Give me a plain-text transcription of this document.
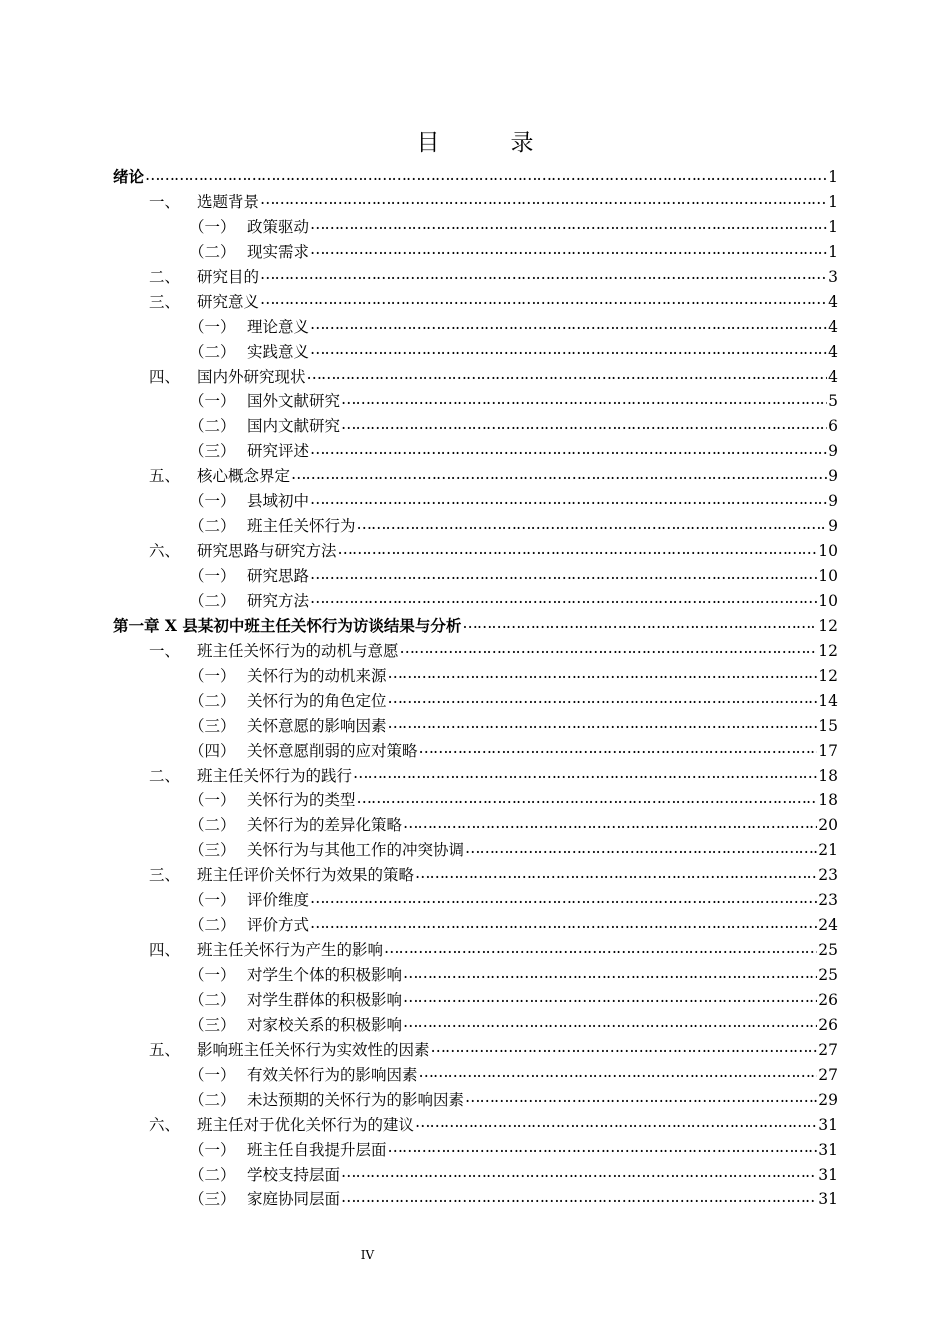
目　录
绪论 ……………………………………………………………………………………………………………………………………………………………………………………………………………………………………………………	1
一、	选题背景 ……………………………………………………………………………………………………………………………………………………………………………………………………………………………………………………	1
（一） 政策驱动 ……………………………………………………………………………………………………………………………………………………………………………………………………………………………………………………	1
（二） 现实需求 ……………………………………………………………………………………………………………………………………………………………………………………………………………………………………………………	1
二、	研究目的 ……………………………………………………………………………………………………………………………………………………………………………………………………………………………………………………	3
三、	研究意义 ……………………………………………………………………………………………………………………………………………………………………………………………………………………………………………………	4
（一） 理论意义 ……………………………………………………………………………………………………………………………………………………………………………………………………………………………………………………	4
（二） 实践意义 ……………………………………………………………………………………………………………………………………………………………………………………………………………………………………………………	4
四、	国内外研究现状 ……………………………………………………………………………………………………………………………………………………………………………………………………………………………………………………	4
（一） 国外文献研究 ……………………………………………………………………………………………………………………………………………………………………………………………………………………………………………………	5
（二） 国内文献研究 ……………………………………………………………………………………………………………………………………………………………………………………………………………………………………………………	6
（三） 研究评述 ……………………………………………………………………………………………………………………………………………………………………………………………………………………………………………………	9
五、	核心概念界定 ……………………………………………………………………………………………………………………………………………………………………………………………………………………………………………………	9
（一） 县域初中 ……………………………………………………………………………………………………………………………………………………………………………………………………………………………………………………	9
（二） 班主任关怀行为 ……………………………………………………………………………………………………………………………………………………………………………………………………………………………………………………	9
六、	研究思路与研究方法 ……………………………………………………………………………………………………………………………………………………………………………………………………………………………………………………	10
（一） 研究思路 ……………………………………………………………………………………………………………………………………………………………………………………………………………………………………………………	10
（二） 研究方法 ……………………………………………………………………………………………………………………………………………………………………………………………………………………………………………………	10
第一章 X 县某初中班主任关怀行为访谈结果与分析 ……………………………………………………………………………………………………………………………………………………………………………………………………………………………………………………	12
一、	班主任关怀行为的动机与意愿 ……………………………………………………………………………………………………………………………………………………………………………………………………………………………………………………	12
（一） 关怀行为的动机来源 ……………………………………………………………………………………………………………………………………………………………………………………………………………………………………………………	12
（二） 关怀行为的角色定位 ……………………………………………………………………………………………………………………………………………………………………………………………………………………………………………………	14
（三） 关怀意愿的影响因素 ……………………………………………………………………………………………………………………………………………………………………………………………………………………………………………………	15
（四） 关怀意愿削弱的应对策略 ……………………………………………………………………………………………………………………………………………………………………………………………………………………………………………………	17
二、	班主任关怀行为的践行 ……………………………………………………………………………………………………………………………………………………………………………………………………………………………………………………	18
（一） 关怀行为的类型 ……………………………………………………………………………………………………………………………………………………………………………………………………………………………………………………	18
（二） 关怀行为的差异化策略 ……………………………………………………………………………………………………………………………………………………………………………………………………………………………………………………	20
（三） 关怀行为与其他工作的冲突协调 ……………………………………………………………………………………………………………………………………………………………………………………………………………………………………………………	21
三、	班主任评价关怀行为效果的策略 ……………………………………………………………………………………………………………………………………………………………………………………………………………………………………………………	23
（一） 评价维度 ……………………………………………………………………………………………………………………………………………………………………………………………………………………………………………………	23
（二） 评价方式 ……………………………………………………………………………………………………………………………………………………………………………………………………………………………………………………	24
四、	班主任关怀行为产生的影响 ……………………………………………………………………………………………………………………………………………………………………………………………………………………………………………………	25
（一） 对学生个体的积极影响 ……………………………………………………………………………………………………………………………………………………………………………………………………………………………………………………	25
（二） 对学生群体的积极影响 ……………………………………………………………………………………………………………………………………………………………………………………………………………………………………………………	26
（三） 对家校关系的积极影响 ……………………………………………………………………………………………………………………………………………………………………………………………………………………………………………………	26
五、	影响班主任关怀行为实效性的因素 ……………………………………………………………………………………………………………………………………………………………………………………………………………………………………………………	27
（一） 有效关怀行为的影响因素 ……………………………………………………………………………………………………………………………………………………………………………………………………………………………………………………	27
（二） 未达预期的关怀行为的影响因素 ……………………………………………………………………………………………………………………………………………………………………………………………………………………………………………………	29
六、	班主任对于优化关怀行为的建议 ……………………………………………………………………………………………………………………………………………………………………………………………………………………………………………………	31
（一） 班主任自我提升层面 ……………………………………………………………………………………………………………………………………………………………………………………………………………………………………………………	31
（二） 学校支持层面 ……………………………………………………………………………………………………………………………………………………………………………………………………………………………………………………	31
（三） 家庭协同层面 ……………………………………………………………………………………………………………………………………………………………………………………………………………………………………………………	31
IV
